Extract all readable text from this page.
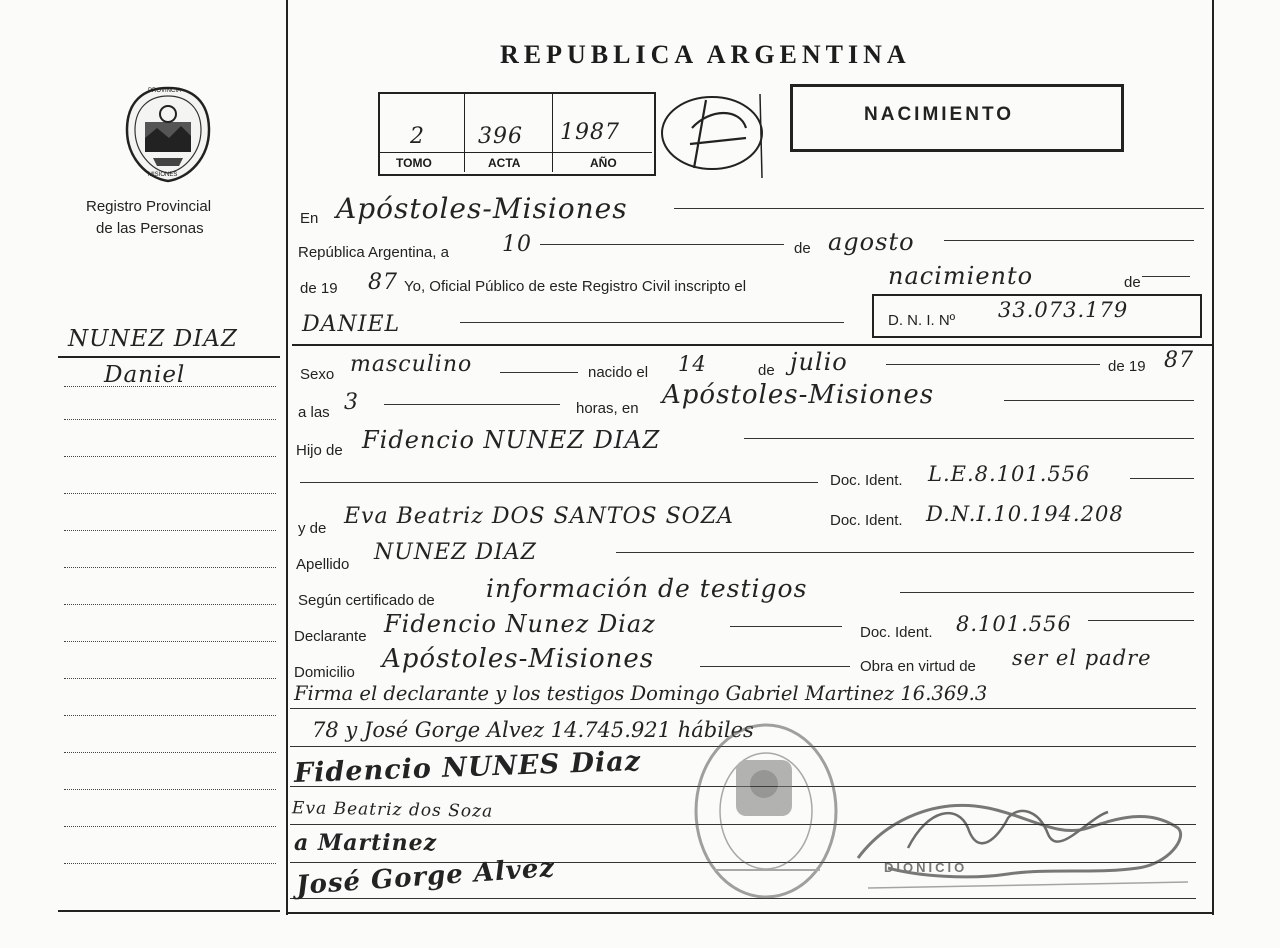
PROVINCIA
MISIONES
Registro Provincial
de las Personas
NUNEZ DIAZ
Daniel
REPUBLICA ARGENTINA
2 396 1987
TOMO	ACTA	AÑO
NACIMIENTO
En Apóstoles-Misiones
República Argentina, a 10	de agosto
de 19 87 Yo, Oficial Público de este Registro Civil inscripto el	nacimiento	de
DANIEL	D. N. I. Nº 33.073.179
Sexo masculino	nacido el 14	de julio	de 19 87
a las 3	horas, en Apóstoles-Misiones
Hijo de Fidencio NUNEZ DIAZ
Doc. Ident. L.E.8.101.556
y de Eva Beatriz DOS SANTOS SOZA	Doc. Ident. D.N.I.10.194.208
Apellido NUNEZ DIAZ
Según certificado de información de testigos
Declarante Fidencio Nunez Diaz	Doc. Ident. 8.101.556
Domicilio Apóstoles-Misiones	Obra en virtud de ser el padre
Firma el declarante y los testigos Domingo Gabriel Martinez 16.369.3
78 y José Gorge Alvez 14.745.921 hábiles
Fidencio NUNES Diaz
Eva Beatriz dos Soza
a Martinez
José Gorge Alvez	DIONICIO
